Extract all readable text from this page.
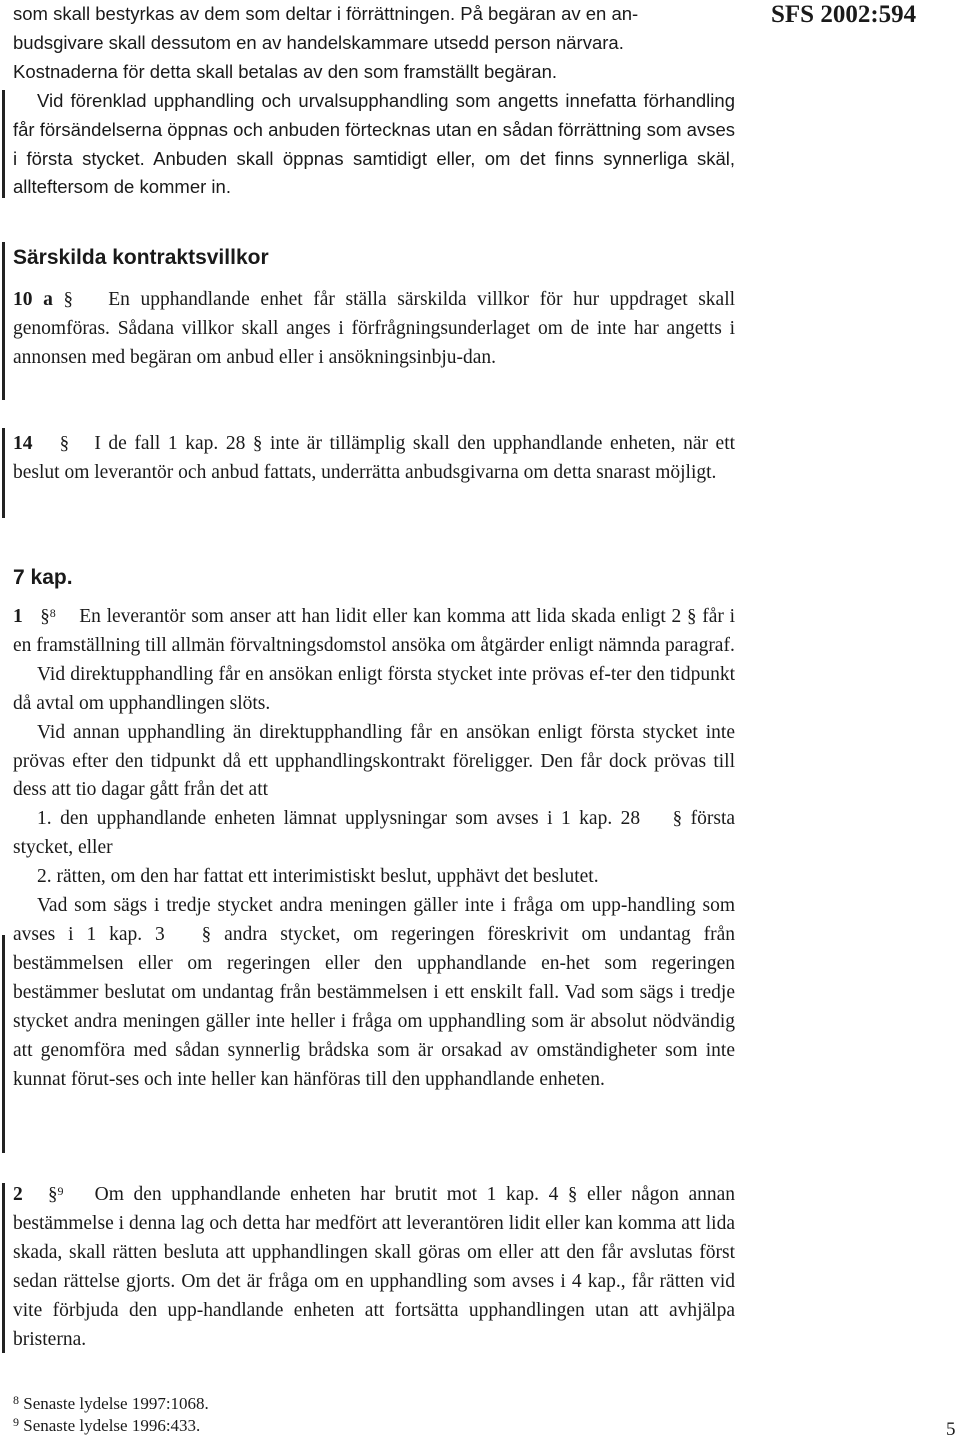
SFS 2002:594

som skall bestyrkas av dem som deltar i förrättningen. På begäran av en an-

budsgivare skall dessutom en av handelskammare utsedd person närvara.

Kostnaderna för detta skall betalas av den som framställt begäran.

Vid förenklad upphandling och urvalsupphandling som angetts innefatta förhandling får försändelserna öppnas och anbuden förtecknas utan en sådan förrättning som avses i första stycket. Anbuden skall öppnas samtidigt eller, om det finns synnerliga skäl, allteftersom de kommer in.

Särskilda kontraktsvillkor

10 a § En upphandlande enhet får ställa särskilda villkor för hur uppdraget skall genomföras. Sådana villkor skall anges i förfrågningsunderlaget om de inte har angetts i annonsen med begäran om anbud eller i ansökningsinbju-dan.

14 § I de fall 1 kap. 28 § inte är tillämplig skall den upphandlande enheten, när ett beslut om leverantör och anbud fattats, underrätta anbudsgivarna om detta snarast möjligt.

7 kap.

1 §$^8$ En leverantör som anser att han lidit eller kan komma att lida skada enligt 2 § får i en framställning till allmän förvaltningsdomstol ansöka om åtgärder enligt nämnda paragraf.

Vid direktupphandling får en ansökan enligt första stycket inte prövas ef-ter den tidpunkt då avtal om upphandlingen slöts.

Vid annan upphandling än direktupphandling får en ansökan enligt första stycket inte prövas efter den tidpunkt då ett upphandlingskontrakt föreligger. Den får dock prövas till dess att tio dagar gått från det att

1. den upphandlande enheten lämnat upplysningar som avses i 1 kap. 28 § första stycket, eller

2. rätten, om den har fattat ett interimistiskt beslut, upphävt det beslutet.

Vad som sägs i tredje stycket andra meningen gäller inte i fråga om upp-handling som avses i 1 kap. 3 § andra stycket, om regeringen föreskrivit om undantag från bestämmelsen eller om regeringen eller den upphandlande en-het som regeringen bestämmer beslutat om undantag från bestämmelsen i ett enskilt fall. Vad som sägs i tredje stycket andra meningen gäller inte heller i fråga om upphandling som är absolut nödvändig att genomföra med sådan synnerlig brådska som är orsakad av omständigheter som inte kunnat förut-ses och inte heller kan hänföras till den upphandlande enheten.

2 §$^9$ Om den upphandlande enheten har brutit mot 1 kap. 4 § eller någon annan bestämmelse i denna lag och detta har medfört att leverantören lidit eller kan komma att lida skada, skall rätten besluta att upphandlingen skall göras om eller att den får avslutas först sedan rättelse gjorts. Om det är fråga om en upphandling som avses i 4 kap., får rätten vid vite förbjuda den upp-handlande enheten att fortsätta upphandlingen utan att avhjälpa bristerna.

$^8$ Senaste lydelse 1997:1068.

$^9$ Senaste lydelse 1996:433.	5
